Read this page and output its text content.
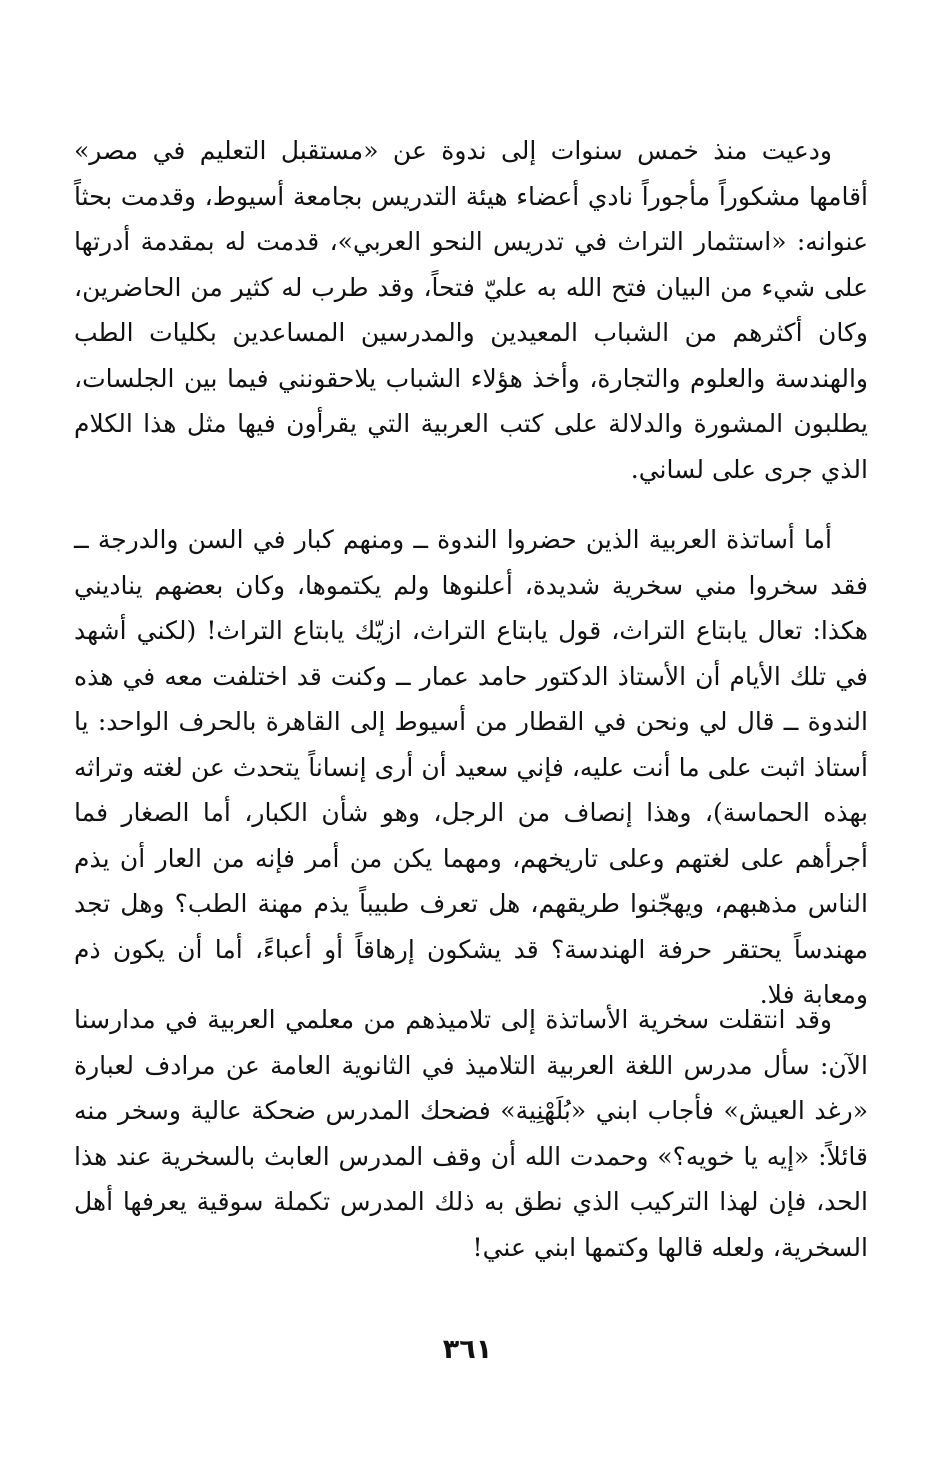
ودعيت منذ خمس سنوات إلى ندوة عن «مستقبل التعليم في مصر» أقامها مشكوراً مأجوراً نادي أعضاء هيئة التدريس بجامعة أسيوط، وقدمت بحثاً عنوانه: «استثمار التراث في تدريس النحو العربي»، قدمت له بمقدمة أدرتها على شيء من البيان فتح الله به عليّ فتحاً، وقد طرب له كثير من الحاضرين، وكان أكثرهم من الشباب المعيدين والمدرسين المساعدين بكليات الطب والهندسة والعلوم والتجارة، وأخذ هؤلاء الشباب يلاحقونني فيما بين الجلسات، يطلبون المشورة والدلالة على كتب العربية التي يقرأون فيها مثل هذا الكلام الذي جرى على لساني.

أما أساتذة العربية الذين حضروا الندوة ــ ومنهم كبار في السن والدرجة ــ فقد سخروا مني سخرية شديدة، أعلنوها ولم يكتموها، وكان بعضهم يناديني هكذا: تعال يابتاع التراث، قول يابتاع التراث، ازيّك يابتاع التراث! (لكني أشهد في تلك الأيام أن الأستاذ الدكتور حامد عمار ــ وكنت قد اختلفت معه في هذه الندوة ــ قال لي ونحن في القطار من أسيوط إلى القاهرة بالحرف الواحد: يا أستاذ اثبت على ما أنت عليه، فإني سعيد أن أرى إنساناً يتحدث عن لغته وتراثه بهذه الحماسة)، وهذا إنصاف من الرجل، وهو شأن الكبار، أما الصغار فما أجرأهم على لغتهم وعلى تاريخهم، ومهما يكن من أمر فإنه من العار أن يذم الناس مذهبهم، ويهجّنوا طريقهم، هل تعرف طبيباً يذم مهنة الطب؟ وهل تجد مهندساً يحتقر حرفة الهندسة؟ قد يشكون إرهاقاً أو أعباءً، أما أن يكون ذم ومعابة فلا.

وقد انتقلت سخرية الأساتذة إلى تلاميذهم من معلمي العربية في مدارسنا الآن: سأل مدرس اللغة العربية التلاميذ في الثانوية العامة عن مرادف لعبارة «رغد العيش» فأجاب ابني «بُلَهْنِية» فضحك المدرس ضحكة عالية وسخر منه قائلاً: «إيه يا خويه؟» وحمدت الله أن وقف المدرس العابث بالسخرية عند هذا الحد، فإن لهذا التركيب الذي نطق به ذلك المدرس تكملة سوقية يعرفها أهل السخرية، ولعله قالها وكتمها ابني عني!

٣٦١
